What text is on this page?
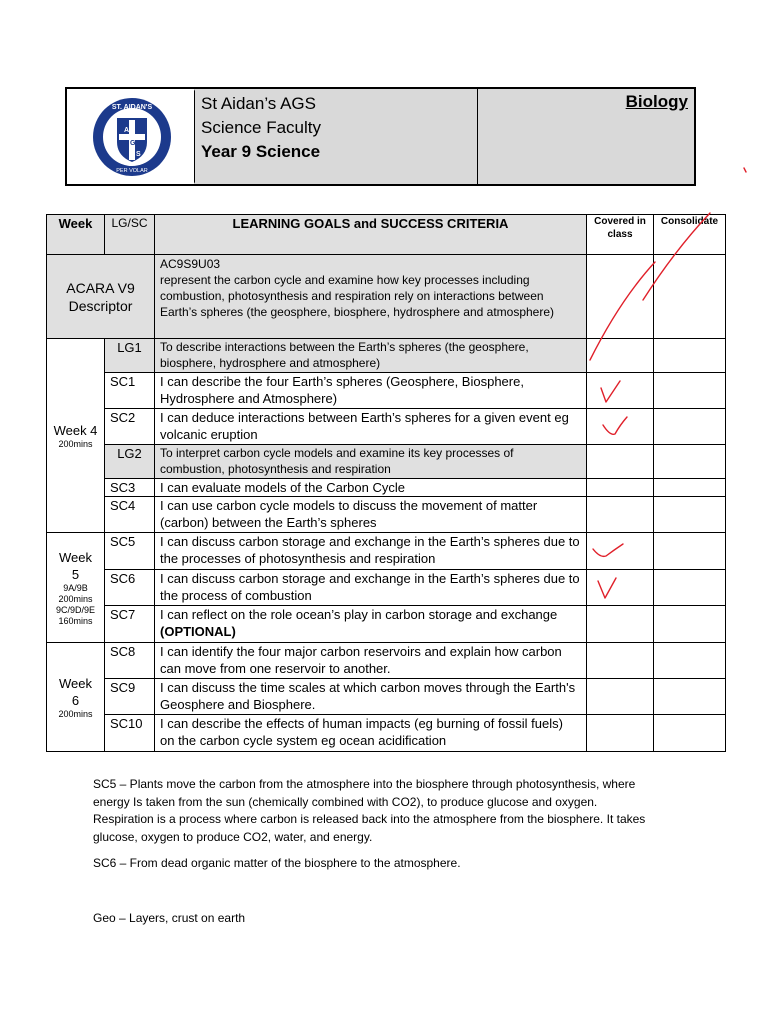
ST. AIDAN'S
PER VOLAR
A
G
S
St Aidan’s AGS
Science Faculty
Year 9 Science
Biology
Week	LG/SC	LEARNING GOALS and SUCCESS CRITERIA	Covered in class	Consolidate
ACARA V9 Descriptor		AC9S9U03
represent the carbon cycle and examine how key processes including combustion, photosynthesis and respiration rely on interactions between Earth’s spheres (the geosphere, biosphere, hydrosphere and atmosphere)		

Week 4
200mins	LG1	To describe interactions between the Earth’s spheres (the geosphere, biosphere, hydrosphere and atmosphere)		
	SC1	I can describe the four Earth’s spheres (Geosphere, Biosphere, Hydrosphere and Atmosphere)		
	SC2	I can deduce interactions between Earth’s spheres for a given event eg volcanic eruption		
	LG2	To interpret carbon cycle models and examine its key processes of combustion, photosynthesis and respiration		
	SC3	I can evaluate models of the Carbon Cycle		
	SC4	I can use carbon cycle models to discuss the movement of matter (carbon) between the Earth’s spheres		

Week 5
9A/9B 200mins 9C/9D/9E 160mins	SC5	I can discuss carbon storage and exchange in the Earth’s spheres due to the processes of photosynthesis and respiration		
	SC6	I can discuss carbon storage and exchange in the Earth’s spheres due to the process of combustion		
	SC7	I can reflect on the role ocean’s play in carbon storage and exchange (OPTIONAL)		

Week 6
200mins	SC8	I can identify the four major carbon reservoirs and explain how carbon can move from one reservoir to another.		
	SC9	I can discuss the time scales at which carbon moves through the Earth's Geosphere and Biosphere.		
	SC10	I can describe the effects of human impacts (eg burning of fossil fuels) on the carbon cycle system eg ocean acidification		

SC5 – Plants move the carbon from the atmosphere into the biosphere through photosynthesis, where energy Is taken from the sun (chemically combined with CO2), to produce glucose and oxygen. Respiration is a process where carbon is released back into the atmosphere from the biosphere. It takes glucose, oxygen to produce CO2, water, and energy.

SC6 – From dead organic matter of the biosphere to the atmosphere.

Geo – Layers, crust on earth
